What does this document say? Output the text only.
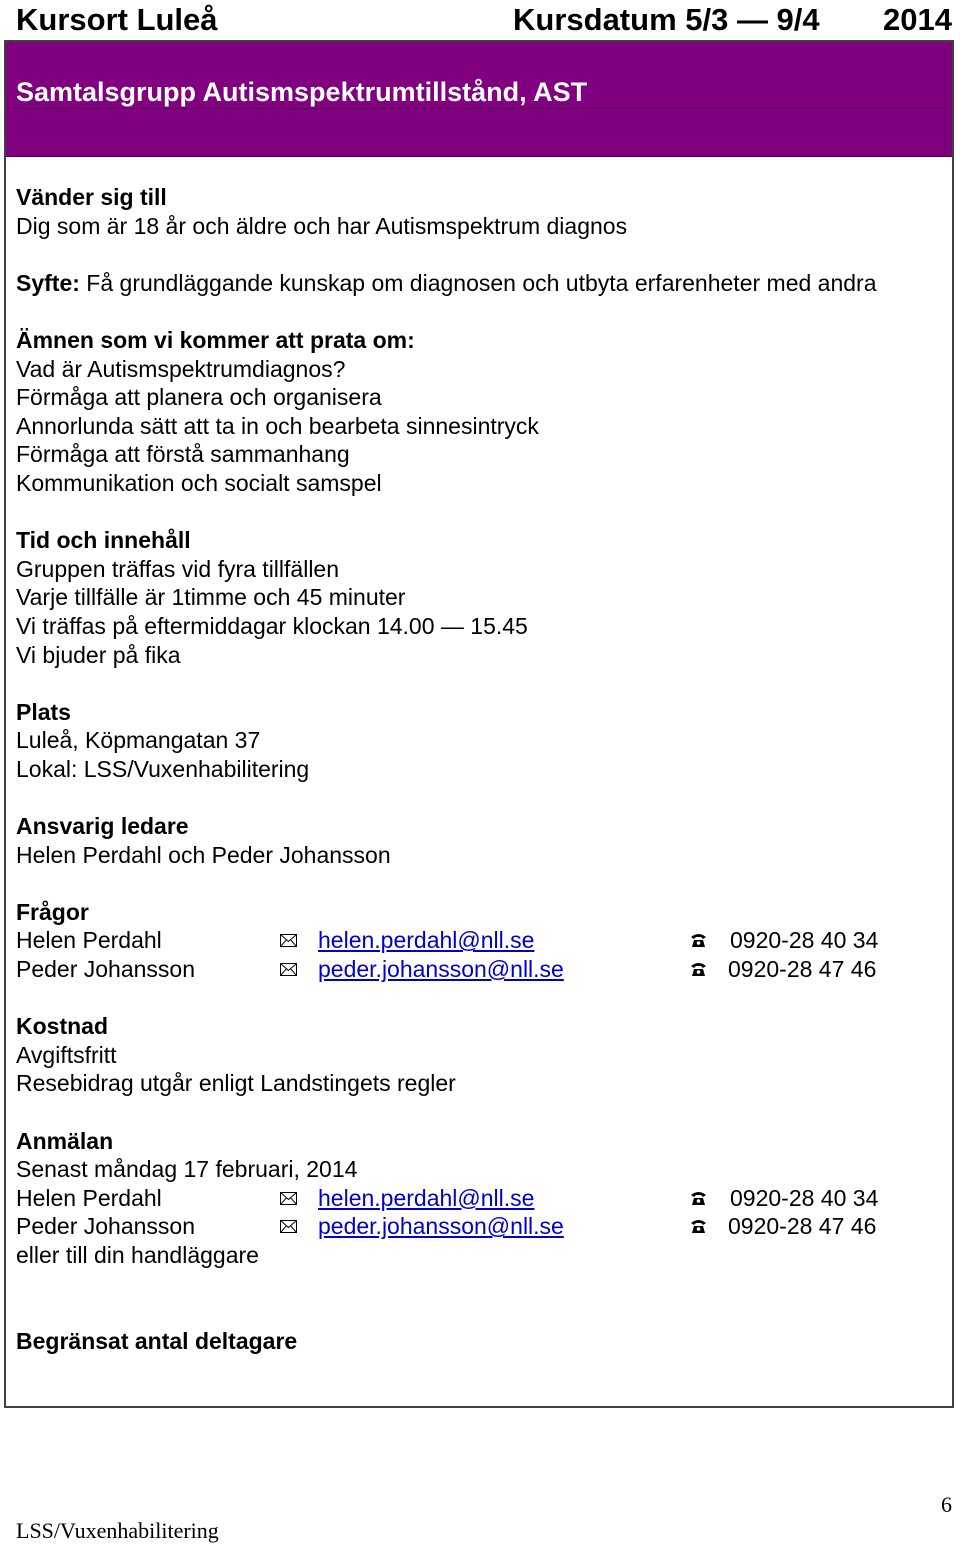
Kursort Luleå	Kursdatum 5/3 — 9/4 2014
Samtalsgrupp Autismspektrumtillstånd, AST
Vänder sig till
Dig som är 18 år och äldre och har Autismspektrum diagnos
Syfte: Få grundläggande kunskap om diagnosen och utbyta erfarenheter med andra
Ämnen som vi kommer att prata om:
Vad är Autismspektrumdiagnos?
Förmåga att planera och organisera
Annorlunda sätt att ta in och bearbeta sinnesintryck
Förmåga att förstå sammanhang
Kommunikation och socialt samspel
Tid och innehåll
Gruppen träffas vid fyra tillfällen
Varje tillfälle är 1timme och 45 minuter
Vi träffas på eftermiddagar klockan 14.00 — 15.45
Vi bjuder på fika
Plats
Luleå, Köpmangatan 37
Lokal: LSS/Vuxenhabilitering
Ansvarig ledare
Helen Perdahl och Peder Johansson
Frågor
Helen Perdahl	helen.perdahl@nll.se	0920-28 40 34
Peder Johansson	peder.johansson@nll.se	0920-28 47 46
Kostnad
Avgiftsfritt
Resebidrag utgår enligt Landstingets regler
Anmälan
Senast måndag 17 februari, 2014
Helen Perdahl	helen.perdahl@nll.se	0920-28 40 34
Peder Johansson	peder.johansson@nll.se	0920-28 47 46
eller till din handläggare
Begränsat antal deltagare
6
LSS/Vuxenhabilitering
